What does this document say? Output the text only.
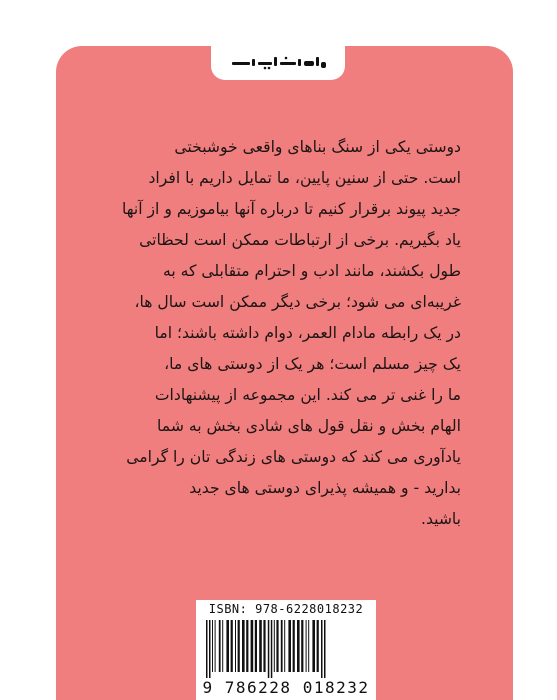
دوستی یکی از سنگ بناهای واقعی خوشبختی
است. حتی از سنین پایین، ما تمایل داریم با افراد
جدید پیوند برقرار کنیم تا درباره آنها بیاموزیم و از آنها
یاد بگیریم. برخی از ارتباطات ممکن است لحظاتی
طول بکشند، مانند ادب و احترام متقابلی که به
غریبه‌ای می شود؛ برخی دیگر ممکن است سال ها،
در یک رابطه مادام العمر، دوام داشته باشند؛ اما
یک چیز مسلم است؛ هر یک از دوستی های ما،
ما را غنی تر می کند. این مجموعه از پیشنهادات
الهام بخش و نقل قول های شادی بخش به شما
یادآوری می کند که دوستی های زندگی تان را گرامی
بدارید - و همیشه پذیرای دوستی های جدید
باشید.
ISBN: 978-6228018232
9 786228 018232
